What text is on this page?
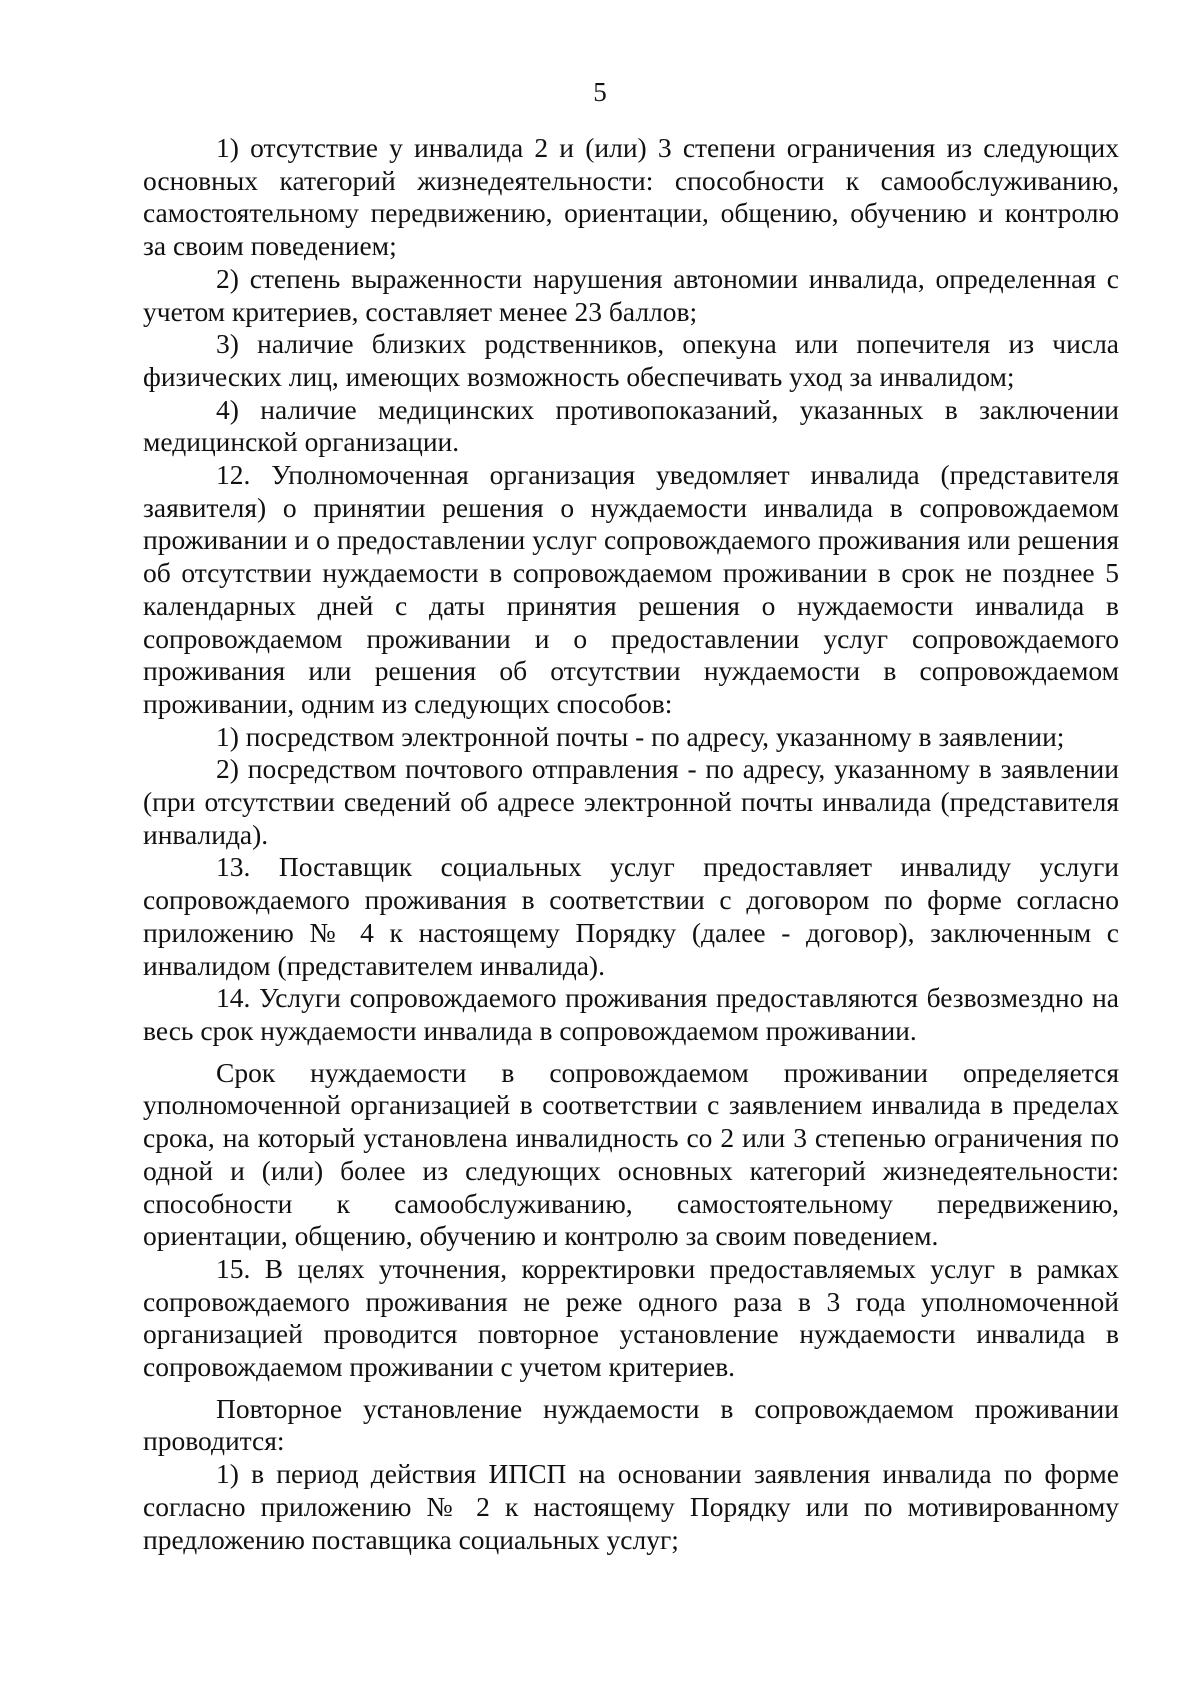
5

1) отсутствие у инвалида 2 и (или) 3 степени ограничения из следующих основных категорий жизнедеятельности: способности к самообслуживанию, самостоятельному передвижению, ориентации, общению, обучению и контролю за своим поведением;

2) степень выраженности нарушения автономии инвалида, определенная с учетом критериев, составляет менее 23 баллов;

3) наличие близких родственников, опекуна или попечителя из числа физических лиц, имеющих возможность обеспечивать уход за инвалидом;

4) наличие медицинских противопоказаний, указанных в заключении медицинской организации.

12. Уполномоченная организация уведомляет инвалида (представителя заявителя) о принятии решения о нуждаемости инвалида в сопровождаемом проживании и о предоставлении услуг сопровождаемого проживания или решения об отсутствии нуждаемости в сопровождаемом проживании в срок не позднее 5 календарных дней с даты принятия решения о нуждаемости инвалида в сопровождаемом проживании и о предоставлении услуг сопровождаемого проживания или решения об отсутствии нуждаемости в сопровождаемом проживании, одним из следующих способов:

1) посредством электронной почты - по адресу, указанному в заявлении;

2) посредством почтового отправления - по адресу, указанному в заявлении (при отсутствии сведений об адресе электронной почты инвалида (представителя инвалида).

13. Поставщик социальных услуг предоставляет инвалиду услуги сопровождаемого проживания в соответствии с договором по форме согласно приложению № 4 к настоящему Порядку (далее - договор), заключенным с инвалидом (представителем инвалида).

14. Услуги сопровождаемого проживания предоставляются безвозмездно на весь срок нуждаемости инвалида в сопровождаемом проживании.

Срок нуждаемости в сопровождаемом проживании определяется уполномоченной организацией в соответствии с заявлением инвалида в пределах срока, на который установлена инвалидность со 2 или 3 степенью ограничения по одной и (или) более из следующих основных категорий жизнедеятельности: способности к самообслуживанию, самостоятельному передвижению, ориентации, общению, обучению и контролю за своим поведением.

15. В целях уточнения, корректировки предоставляемых услуг в рамках сопровождаемого проживания не реже одного раза в 3 года уполномоченной организацией проводится повторное установление нуждаемости инвалида в сопровождаемом проживании с учетом критериев.

Повторное установление нуждаемости в сопровождаемом проживании проводится:

1) в период действия ИПСП на основании заявления инвалида по форме согласно приложению № 2 к настоящему Порядку или по мотивированному предложению поставщика социальных услуг;
